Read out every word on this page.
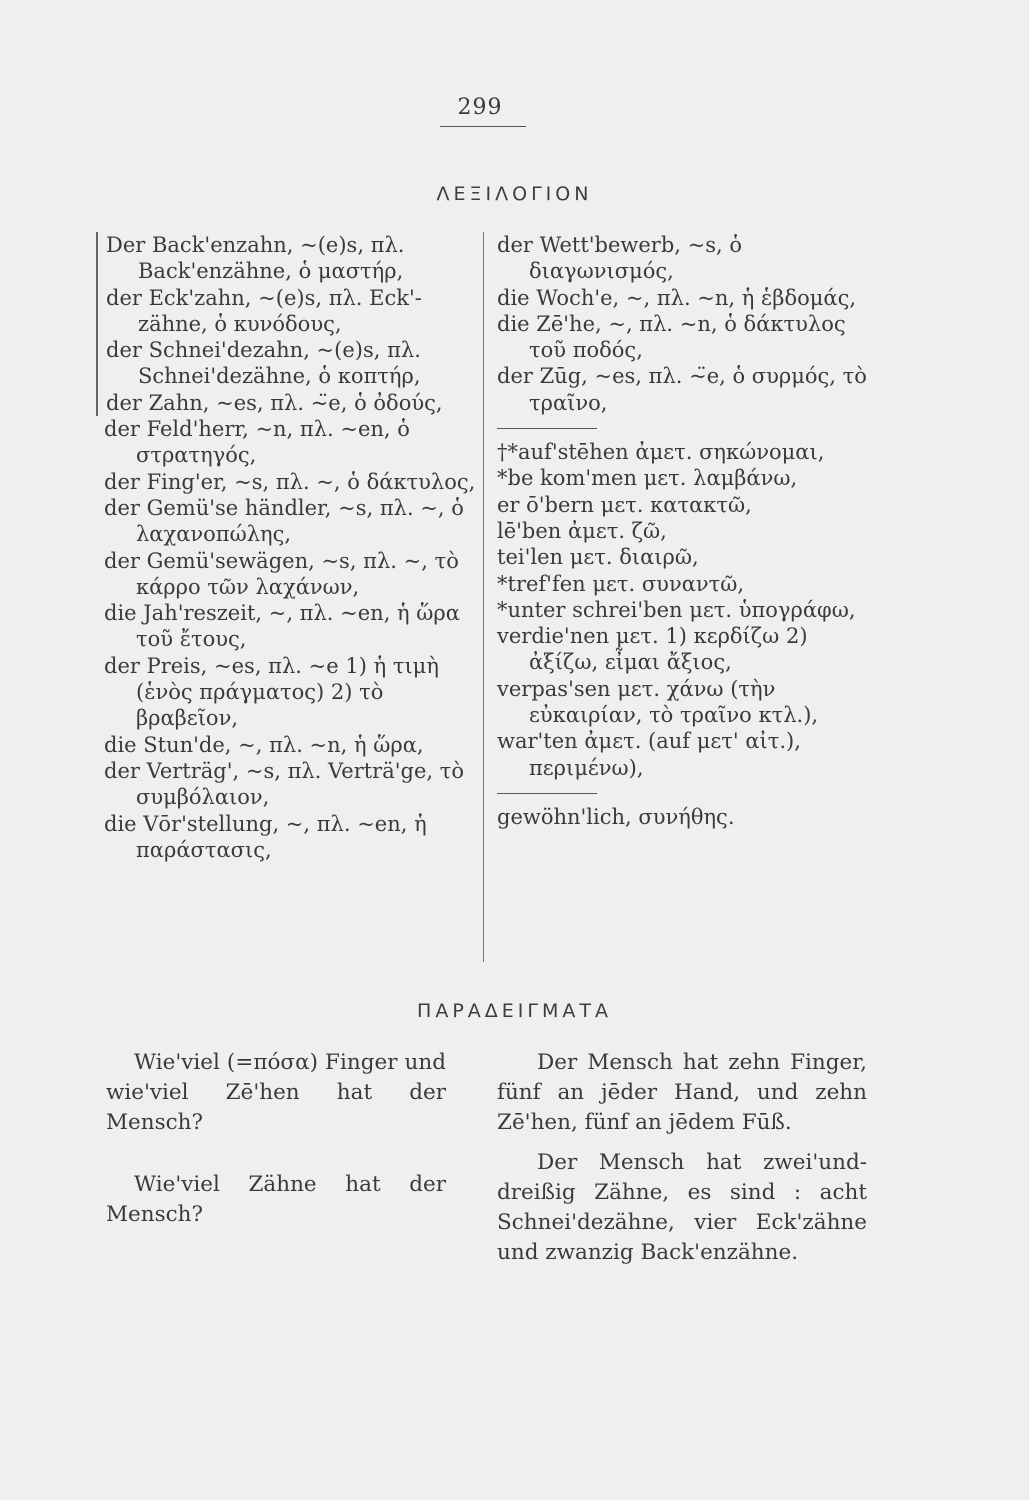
299
ΛΕΞΙΛΟΓΙΟΝ

Der Back'enzahn, ~(e)s, πλ. Back'enzähne, ὁ μαστήρ,

der Eck'zahn, ~(e)s, πλ. Eck'-zähne, ὁ κυνόδους,

der Schnei'dezahn, ~(e)s, πλ. Schnei'dezähne, ὁ κοπτήρ,

der Zahn, ~es, πλ. ~̈e, ὁ ὀδούς,

der Feld'herr, ~n, πλ. ~en, ὁ στρατηγός,

der Fing'er, ~s, πλ. ~, ὁ δάκτυλος,

der Gemü'se händler, ~s, πλ. ~, ὁ λαχανοπώλης,

der Gemü'sewägen, ~s, πλ. ~, τὸ κάρρο τῶν λαχάνων,

die Jah'reszeit, ~, πλ. ~en, ἡ ὥρα τοῦ ἔτους,

der Preis, ~es, πλ. ~e 1) ἡ τιμὴ (ἑνὸς πράγματος) 2) τὸ βραβεῖον,

die Stun'de, ~, πλ. ~n, ἡ ὥρα,

der Verträg', ~s, πλ. Verträ'ge, τὸ συμβόλαιον,

die Vōr'stellung, ~, πλ. ~en, ἡ παράστασις,

der Wett'bewerb, ~s, ὁ διαγωνισμός,

die Woch'e, ~, πλ. ~n, ἡ ἑβδομάς,

die Zē'he, ~, πλ. ~n, ὁ δάκτυλος τοῦ ποδός,

der Zūg, ~es, πλ. ~̈e, ὁ συρμός, τὸ τραῖνο,

†*auf'stēhen ἀμετ. σηκώνομαι,

*be kom'men μετ. λαμβάνω,

er ō'bern μετ. κατακτῶ,

lē'ben ἀμετ. ζῶ,

tei'len μετ. διαιρῶ,

*tref'fen μετ. συναντῶ,

*unter schrei'ben μετ. ὑπογράφω,

verdie'nen μετ. 1) κερδίζω 2) ἀξίζω, εἶμαι ἄξιος,

verpas'sen μετ. χάνω (τὴν εὐκαιρίαν, τὸ τραῖνο κτλ.),

war'ten ἀμετ. (auf μετ' αἰτ.), περιμένω),

gewöhn'lich, συνήθης.

ΠΑΡΑΔΕΙΓΜΑΤΑ

Wie'viel (=πόσα) Finger und wie'viel Zē'hen hat der Mensch?

Wie'viel Zähne hat der Mensch?

Der Mensch hat zehn Finger, fünf an jēder Hand, und zehn Zē'hen, fünf an jēdem Fūß.

Der Mensch hat zwei'und-dreißig Zähne, es sind : acht Schnei'dezähne, vier Eck'zähne und zwanzig Back'enzähne.
